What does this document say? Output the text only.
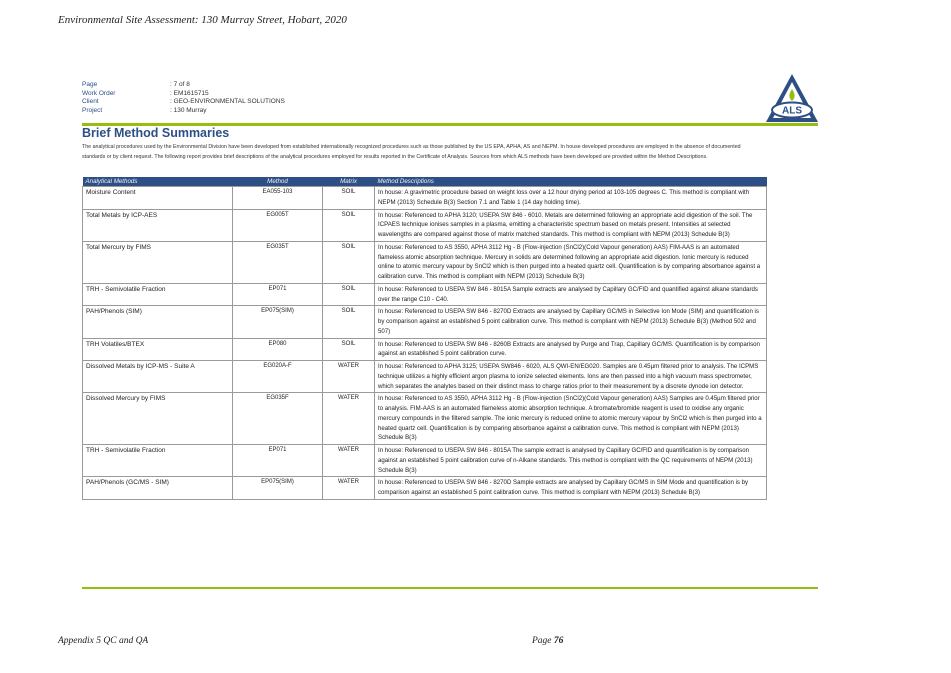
Environmental Site Assessment: 130 Murray Street, Hobart, 2020
Page	: 7 of 8
Work Order	: EM1615715
Client	: GEO-ENVIRONMENTAL SOLUTIONS
Project	: 130 Murray	ALS
Brief Method Summaries
The analytical procedures used by the Environmental Division have been developed from established internationally recognized procedures such as those published by the US EPA, APHA, AS and NEPM. In house developed procedures are employed in the absence of documented standards or by client request. The following report provides brief descriptions of the analytical procedures employed for results reported in the Certificate of Analysis. Sources from which ALS methods have been developed are provided within the Method Descriptions.
Analytical Methods	Method	Matrix	Method Descriptions
Moisture Content	EA055-103	SOIL	In house: A gravimetric procedure based on weight loss over a 12 hour drying period at 103-105 degrees C. This method is compliant with NEPM (2013) Schedule B(3) Section 7.1 and Table 1 (14 day holding time).
Total Metals by ICP-AES	EG005T	SOIL	In house: Referenced to APHA 3120; USEPA SW 846 - 6010. Metals are determined following an appropriate acid digestion of the soil. The ICPAES technique ionises samples in a plasma, emitting a characteristic spectrum based on metals present. Intensities at selected wavelengths are compared against those of matrix matched standards. This method is compliant with NEPM (2013) Schedule B(3)
Total Mercury by FIMS	EG035T	SOIL	In house: Referenced to AS 3550, APHA 3112 Hg - B (Flow-injection (SnCl2)(Cold Vapour generation) AAS) FIM-AAS is an automated flameless atomic absorption technique. Mercury in solids are determined following an appropriate acid digestion. Ionic mercury is reduced online to atomic mercury vapour by SnCl2 which is then purged into a heated quartz cell. Quantification is by comparing absorbance against a calibration curve. This method is compliant with NEPM (2013) Schedule B(3)
TRH - Semivolatile Fraction	EP071	SOIL	In house: Referenced to USEPA SW 846 - 8015A Sample extracts are analysed by Capillary GC/FID and quantified against alkane standards over the range C10 - C40.
PAH/Phenols (SIM)	EP075(SIM)	SOIL	In house: Referenced to USEPA SW 846 - 8270D Extracts are analysed by Capillary GC/MS in Selective Ion Mode (SIM) and quantification is by comparison against an established 5 point calibration curve. This method is compliant with NEPM (2013) Schedule B(3) (Method 502 and 507)
TRH Volatiles/BTEX	EP080	SOIL	In house: Referenced to USEPA SW 846 - 8260B Extracts are analysed by Purge and Trap, Capillary GC/MS. Quantification is by comparison against an established 5 point calibration curve.
Dissolved Metals by ICP-MS - Suite A	EG020A-F	WATER	In house: Referenced to APHA 3125; USEPA SW846 - 6020, ALS QWI-EN/EG020. Samples are 0.45µm filtered prior to analysis. The ICPMS technique utilizes a highly efficient argon plasma to ionize selected elements. Ions are then passed into a high vacuum mass spectrometer, which separates the analytes based on their distinct mass to charge ratios prior to their measurement by a discrete dynode ion detector.
Dissolved Mercury by FIMS	EG035F	WATER	In house: Referenced to AS 3550, APHA 3112 Hg - B (Flow-injection (SnCl2)(Cold Vapour generation) AAS) Samples are 0.45µm filtered prior to analysis. FIM-AAS is an automated flameless atomic absorption technique. A bromate/bromide reagent is used to oxidise any organic mercury compounds in the filtered sample. The ionic mercury is reduced online to atomic mercury vapour by SnCl2 which is then purged into a heated quartz cell. Quantification is by comparing absorbance against a calibration curve. This method is compliant with NEPM (2013) Schedule B(3)
TRH - Semivolatile Fraction	EP071	WATER	In house: Referenced to USEPA SW 846 - 8015A The sample extract is analysed by Capillary GC/FID and quantification is by comparison against an established 5 point calibration curve of n-Alkane standards. This method is compliant with the QC requirements of NEPM (2013) Schedule B(3)
PAH/Phenols (GC/MS - SIM)	EP075(SIM)	WATER	In house: Referenced to USEPA SW 846 - 8270D Sample extracts are analysed by Capillary GC/MS in SIM Mode and quantification is by comparison against an established 5 point calibration curve. This method is compliant with NEPM (2013) Schedule B(3)
Appendix 5 QC and QA	Page 76
